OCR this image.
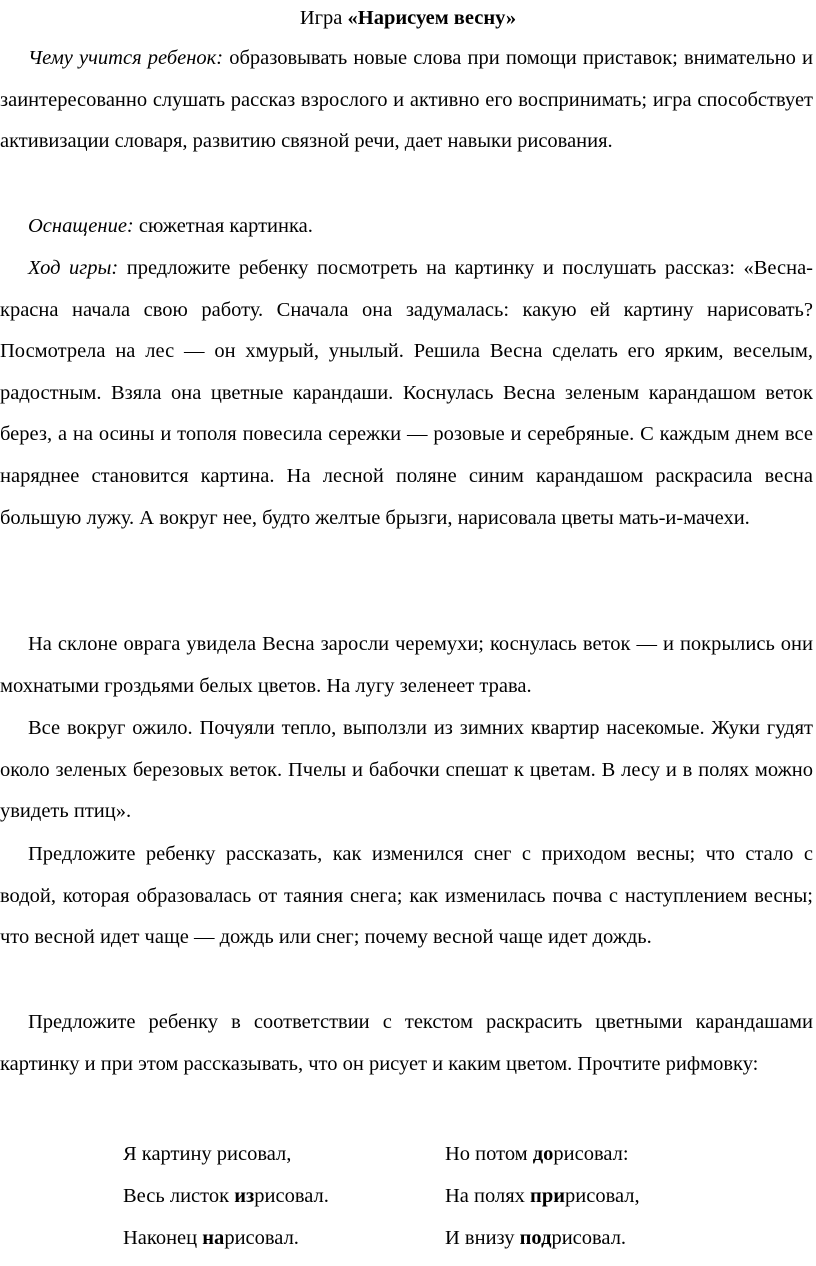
Игра «Нарисуем весну»

Чему учится ребенок: образовывать новые слова при помощи приставок; внимательно и заинтересованно слушать рассказ взрослого и активно его воспринимать; игра способствует активизации словаря, развитию связной речи, дает навыки рисования.

Оснащение: сюжетная картинка.

Ход игры: предложите ребенку посмотреть на картинку и послушать рассказ: «Весна-красна начала свою работу. Сначала она задумалась: какую ей картину нарисовать? Посмотрела на лес — он хмурый, унылый. Решила Весна сделать его ярким, веселым, радостным. Взяла она цветные карандаши. Коснулась Весна зеленым карандашом веток берез, а на осины и тополя повесила сережки — розовые и серебряные. С каждым днем все наряднее становится картина. На лесной поляне синим карандашом раскрасила весна большую лужу. А вокруг нее, будто желтые брызги, нарисовала цветы мать-и-мачехи.

На склоне оврага увидела Весна заросли черемухи; коснулась веток — и покрылись они мохнатыми гроздьями белых цветов. На лугу зеленеет трава.

Все вокруг ожило. Почуяли тепло, выползли из зимних квартир насекомые. Жуки гудят около зеленых березовых веток. Пчелы и бабочки спешат к цветам. В лесу и в полях можно увидеть птиц».

Предложите ребенку рассказать, как изменился снег с приходом весны; что стало с водой, которая образовалась от таяния снега; как изменилась почва с наступлением весны; что весной идет чаще — дождь или снег; почему весной чаще идет дождь.

Предложите ребенку в соответствии с текстом раскрасить цветными карандашами картинку и при этом рассказывать, что он рисует и каким цветом. Прочтите рифмовку:

Я картину рисовал,	Но потом дорисовал:
Весь листок изрисовал.	На полях пририсовал,
Наконец нарисовал.	И внизу подрисовал.
